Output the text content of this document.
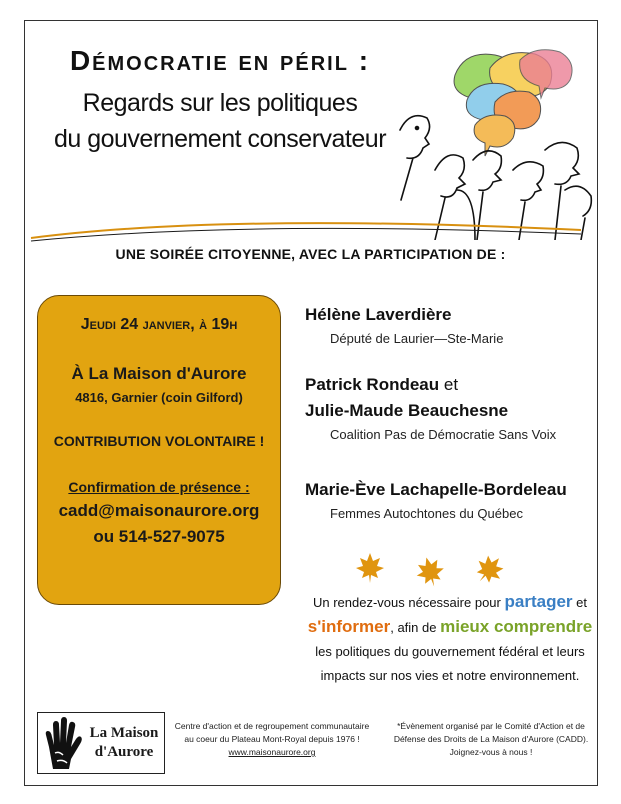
Démocratie en péril :
Regards sur les politiques
du gouvernement conservateur
UNE SOIRÉE CITOYENNE, AVEC LA PARTICIPATION DE :
Jeudi 24 janvier, à 19h
À La Maison d'Aurore
4816, Garnier (coin Gilford)
CONTRIBUTION VOLONTAIRE !
Confirmation de présence :
cadd@maisonaurore.org
ou 514-527-9075
Hélène Laverdière
Député de Laurier—Ste-Marie
Patrick Rondeau et
Julie-Maude Beauchesne
Coalition Pas de Démocratie Sans Voix
Marie-Ève Lachapelle-Bordeleau
Femmes Autochtones du Québec
Un rendez-vous nécessaire pour partager et
s'informer, afin de mieux comprendre
les politiques du gouvernement fédéral et leurs impacts sur nos vies et notre environnement.
La Maison
d'Aurore
Centre d'action et de regroupement communautaire
au coeur du Plateau Mont-Royal depuis 1976 !
www.maisonaurore.org
*Évènement organisé par le Comité d'Action et de
Défense des Droits de La Maison d'Aurore (CADD).
Joignez-vous à nous !
